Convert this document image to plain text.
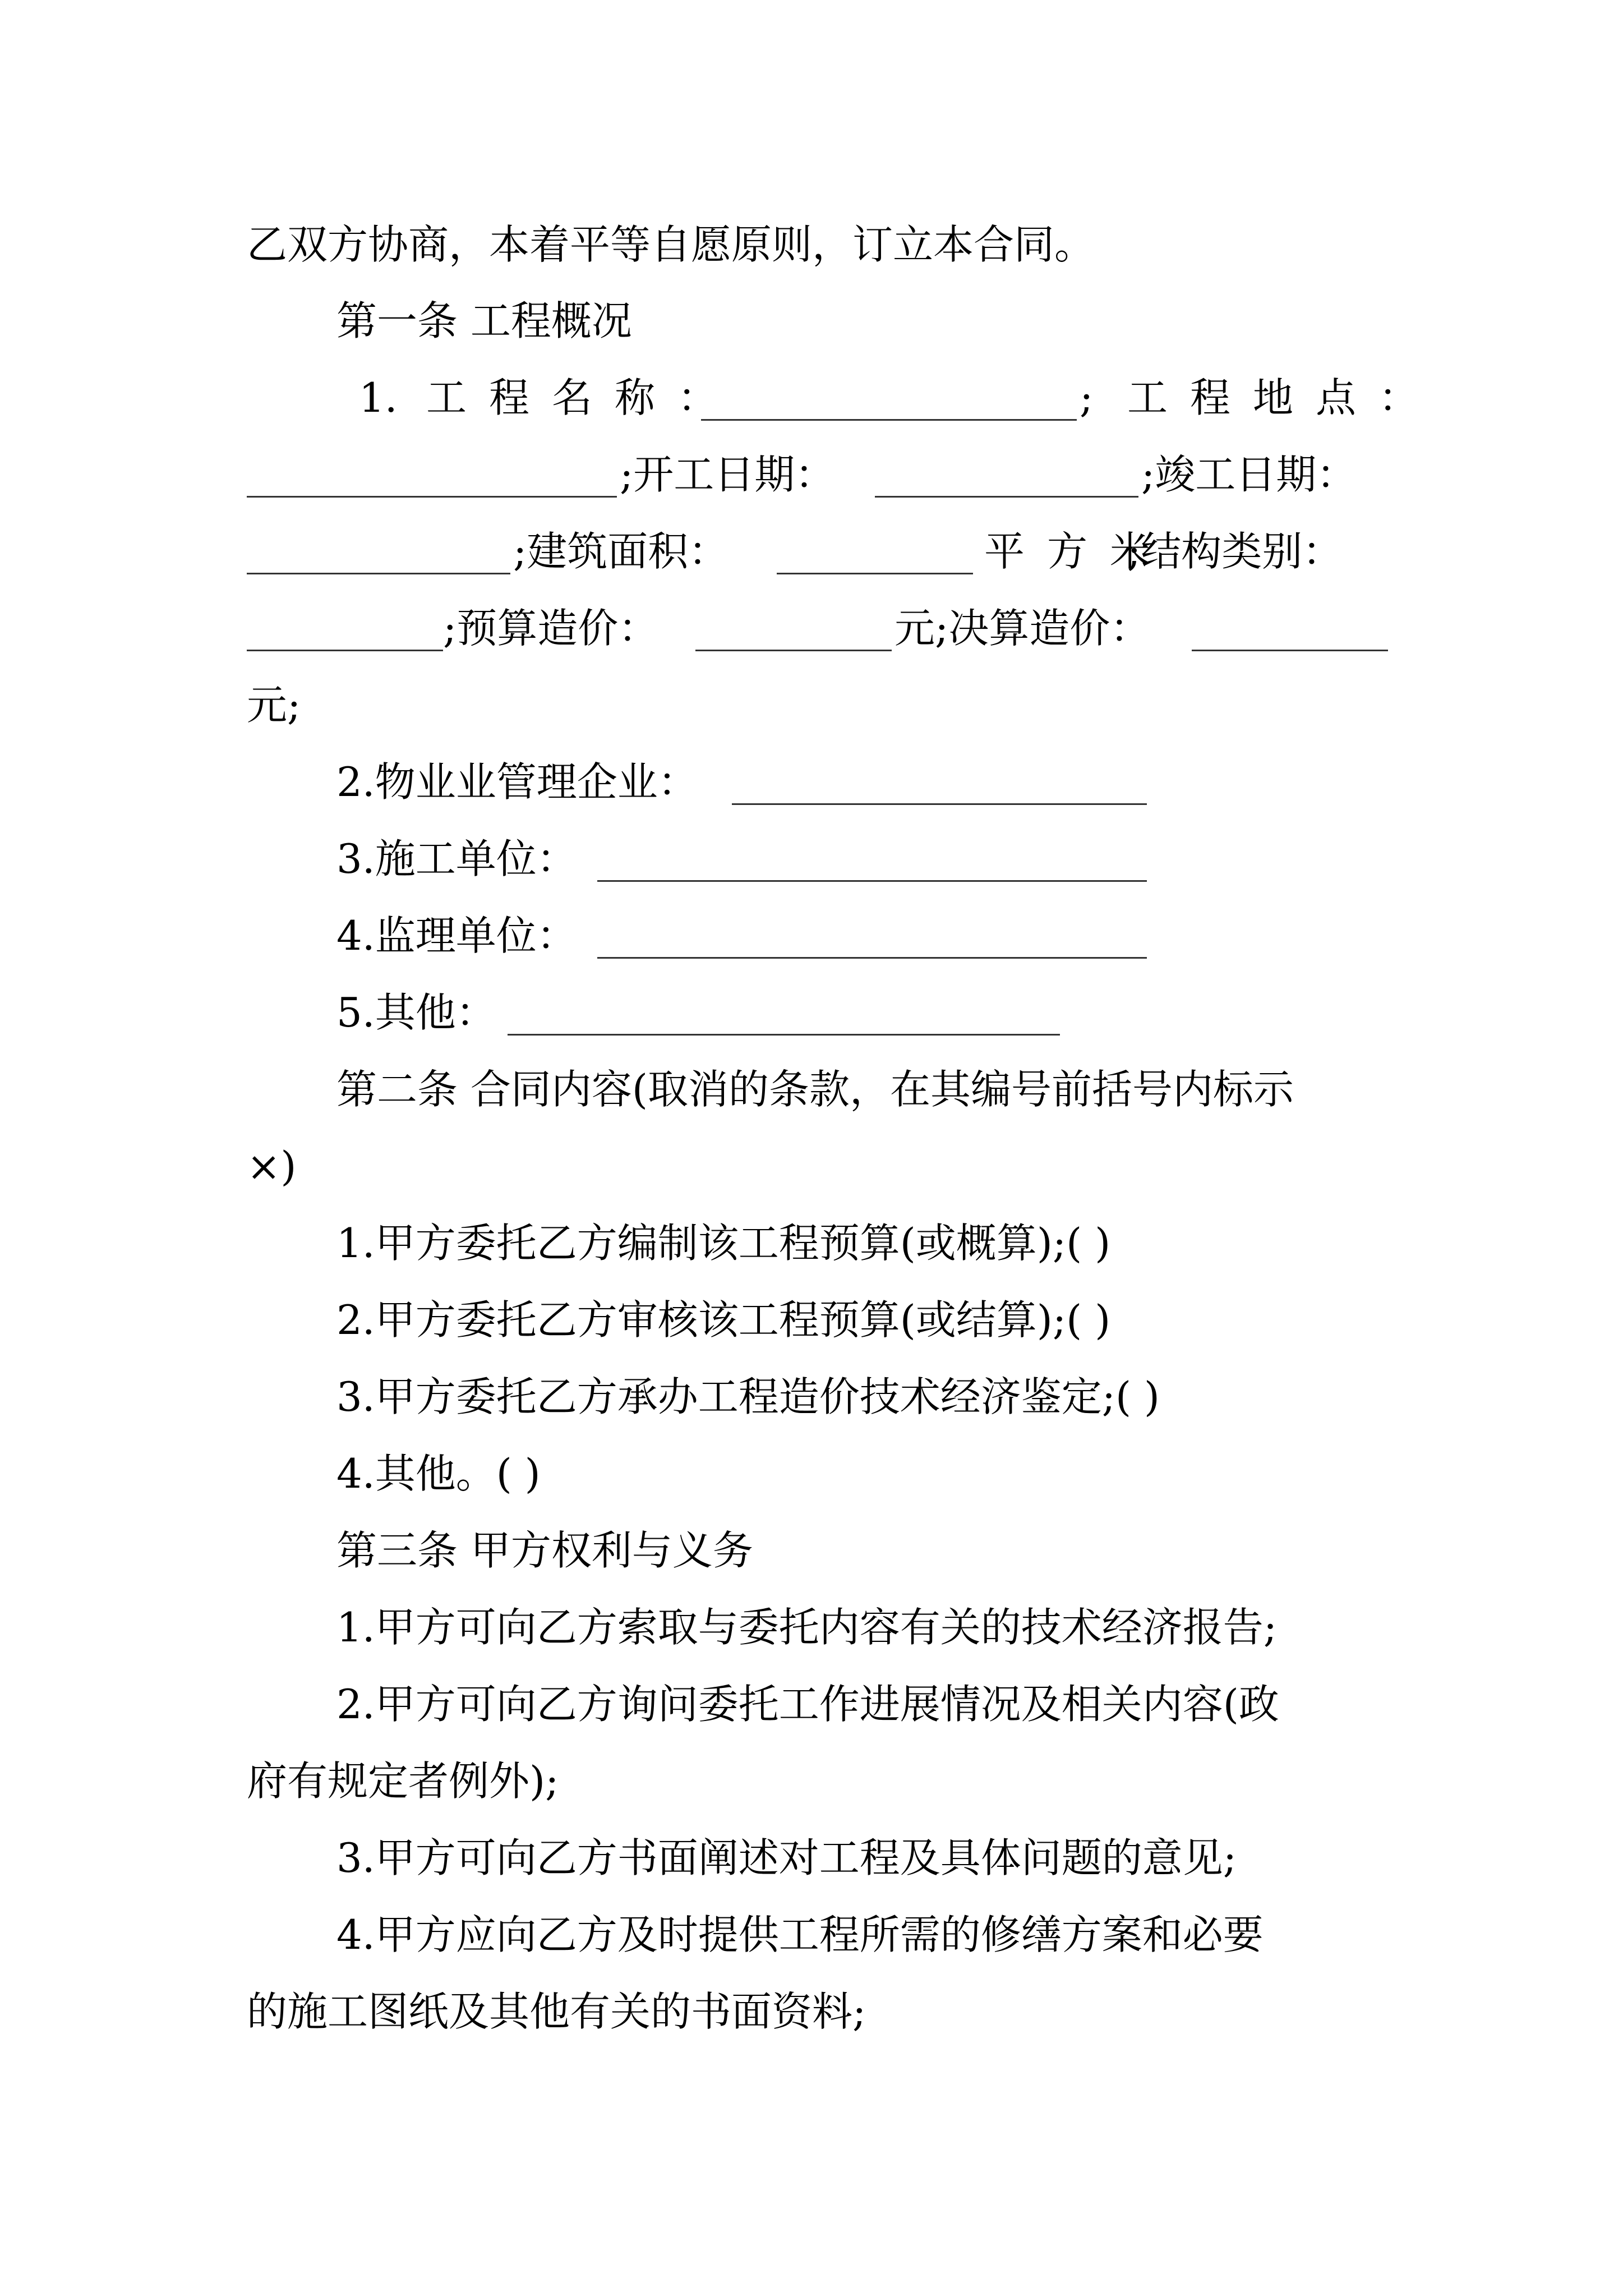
乙双方协商，本着平等自愿原则，订立本合同。
第一条 工程概况
1. 工程名称：	; 工程地点：
;开工日期：	;竣工日期：
;建筑面积：	平方米
;结构类别：
;预算造价：	元;决算造价：
元;
2.物业业管理企业：
3.施工单位：
4.监理单位：
5.其他：
第二条 合同内容(取消的条款，在其编号前括号内标示
×)
1.甲方委托乙方编制该工程预算(或概算);( )
2.甲方委托乙方审核该工程预算(或结算);( )
3.甲方委托乙方承办工程造价技术经济鉴定;( )
4.其他。( )
第三条 甲方权利与义务
1.甲方可向乙方索取与委托内容有关的技术经济报告;
2.甲方可向乙方询问委托工作进展情况及相关内容(政
府有规定者例外);
3.甲方可向乙方书面阐述对工程及具体问题的意见;
4.甲方应向乙方及时提供工程所需的修缮方案和必要
的施工图纸及其他有关的书面资料;
